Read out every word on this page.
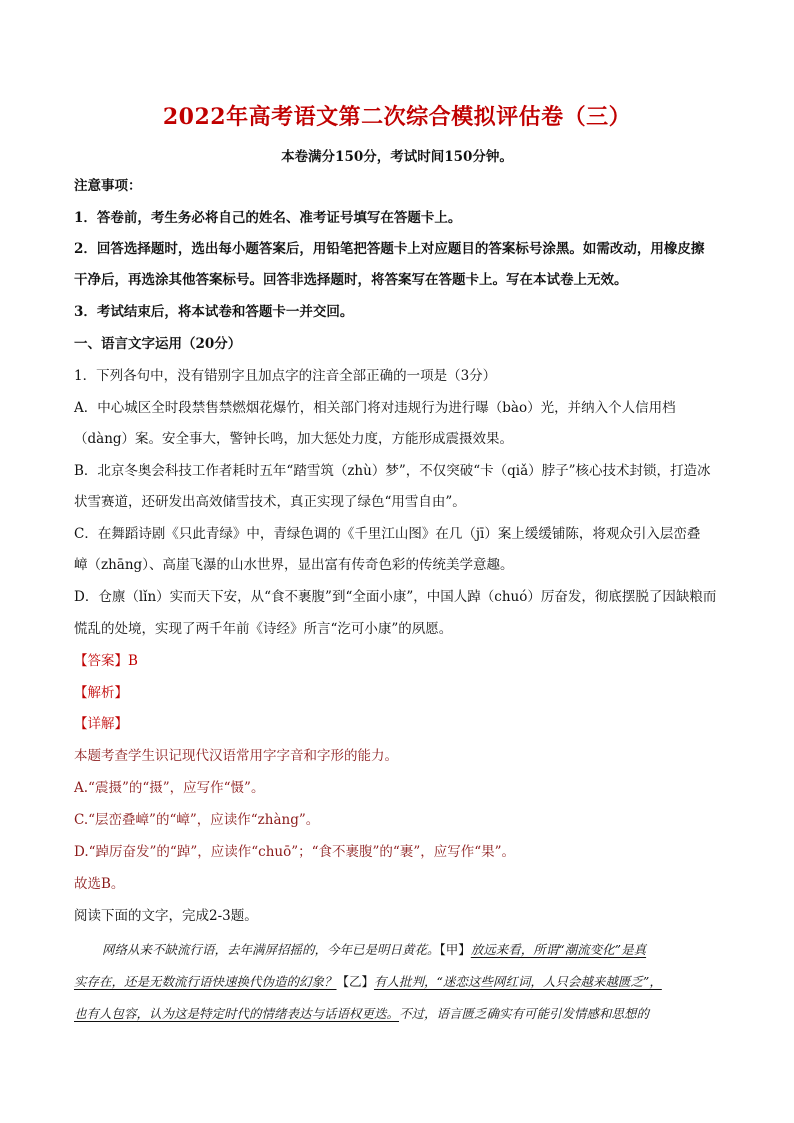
2022年高考语文第二次综合模拟评估卷（三）
本卷满分150分，考试时间150分钟。
注意事项：
1．答卷前，考生务必将自己的姓名、准考证号填写在答题卡上。
2．回答选择题时，选出每小题答案后，用铅笔把答题卡上对应题目的答案标号涂黑。如需改动，用橡皮擦
干净后，再选涂其他答案标号。回答非选择题时，将答案写在答题卡上。写在本试卷上无效。
3．考试结束后，将本试卷和答题卡一并交回。
一、语言文字运用（20分）
1．下列各句中，没有错别字且加点字的注音全部正确的一项是（3分）
A．中心城区全时段禁售禁燃烟花爆竹，相关部门将对违规行为进行曝（bào）光，并纳入个人信用档
（dàng）案。安全事大，警钟长鸣，加大惩处力度，方能形成震摄效果。
B．北京冬奥会科技工作者耗时五年“踏雪筑（zhù）梦”，不仅突破“卡（qiǎ）脖子”核心技术封锁，打造冰
状雪赛道，还研发出高效储雪技术，真正实现了绿色“用雪自由”。
C．在舞蹈诗剧《只此青绿》中，青绿色调的《千里江山图》在几（jī）案上缓缓铺陈，将观众引入层峦叠
嶂（zhāng）、高崖飞瀑的山水世界，显出富有传奇色彩的传统美学意趣。
D．仓廪（lǐn）实而天下安，从“食不裹腹”到“全面小康”，中国人踔（chuó）厉奋发，彻底摆脱了因缺粮而
慌乱的处境，实现了两千年前《诗经》所言“汔可小康”的夙愿。
【答案】B
【解析】
【详解】
本题考查学生识记现代汉语常用字字音和字形的能力。
A.“震摄”的“摄”，应写作“慑”。
C.“层峦叠嶂”的“嶂”，应读作“zhàng”。
D.“踔厉奋发”的“踔”，应读作“chuō”；“食不裹腹”的“裹”，应写作“果”。
故选B。
阅读下面的文字，完成2-3题。
网络从来不缺流行语，去年满屏招摇的，今年已是明日黄花。【甲】放远来看，所谓“潮流变化”是真
实存在，还是无数流行语快速换代伪造的幻象？【乙】有人批判，“迷恋这些网红词，人只会越来越匮乏”，
也有人包容，认为这是特定时代的情绪表达与话语权更迭。不过，语言匮乏确实有可能引发情感和思想的
